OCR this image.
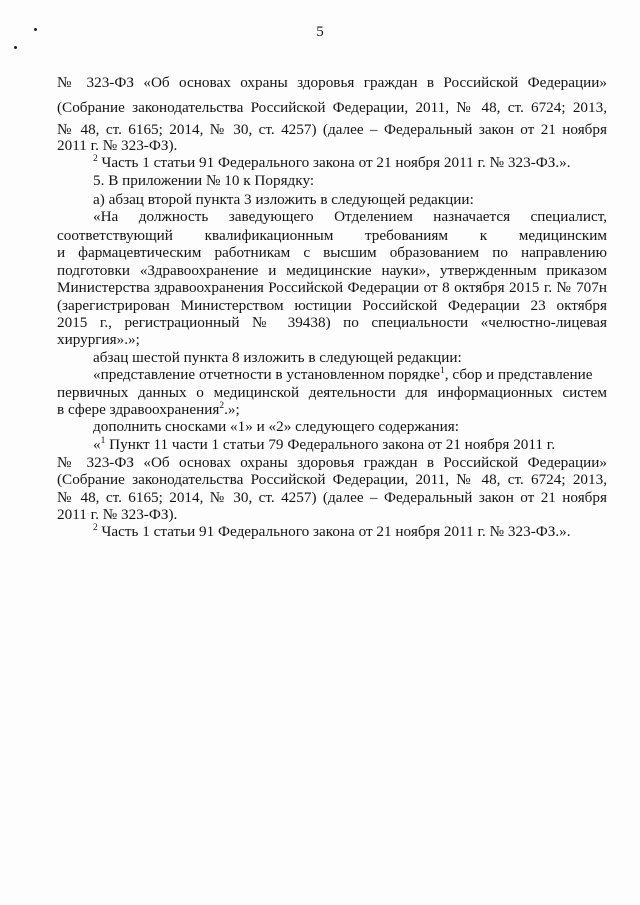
5
№ 323-ФЗ «Об основах охраны здоровья граждан в Российской Федерации»
(Собрание законодательства Российской Федерации, 2011, № 48, ст. 6724; 2013,
№ 48, ст. 6165; 2014, № 30, ст. 4257) (далее – Федеральный закон от 21 ноября
2011 г. № 323-ФЗ).
$^2$ Часть 1 статьи 91 Федерального закона от 21 ноября 2011 г. № 323-ФЗ.».
5. В приложении № 10 к Порядку:
а) абзац второй пункта 3 изложить в следующей редакции:
«На должность заведующего Отделением назначается специалист,
соответствующий квалификационным требованиям к медицинским
и фармацевтическим работникам с высшим образованием по направлению
подготовки «Здравоохранение и медицинские науки», утвержденным приказом
Министерства здравоохранения Российской Федерации от 8 октября 2015 г. № 707н
(зарегистрирован Министерством юстиции Российской Федерации 23 октября
2015 г., регистрационный № 39438) по специальности «челюстно-лицевая
хирургия».»;
абзац шестой пункта 8 изложить в следующей редакции:
«представление отчетности в установленном порядке$^1$, сбор и представление
первичных данных о медицинской деятельности для информационных систем
в сфере здравоохранения$^2$.»;
дополнить сносками «1» и «2» следующего содержания:
«$^1$ Пункт 11 части 1 статьи 79 Федерального закона от 21 ноября 2011 г.
№ 323-ФЗ «Об основах охраны здоровья граждан в Российской Федерации»
(Собрание законодательства Российской Федерации, 2011, № 48, ст. 6724; 2013,
№ 48, ст. 6165; 2014, № 30, ст. 4257) (далее – Федеральный закон от 21 ноября
2011 г. № 323-ФЗ).
$^2$ Часть 1 статьи 91 Федерального закона от 21 ноября 2011 г. № 323-ФЗ.».
